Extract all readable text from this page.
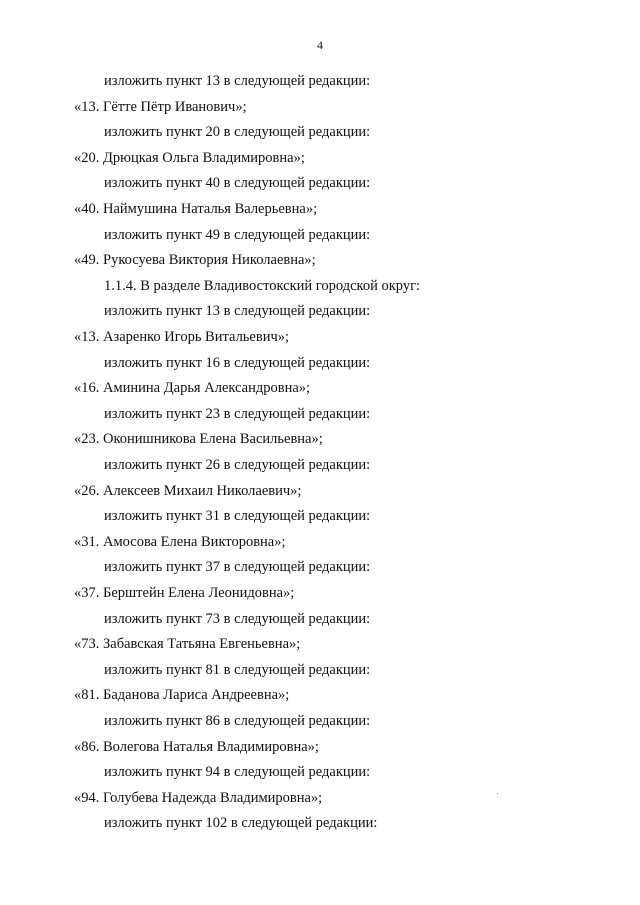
4
изложить пункт 13 в следующей редакции:
«13. Гётте Пётр Иванович»;
изложить пункт 20 в следующей редакции:
«20. Дрюцкая Ольга Владимировна»;
изложить пункт 40 в следующей редакции:
«40. Наймушина Наталья Валерьевна»;
изложить пункт 49 в следующей редакции:
«49. Рукосуева Виктория Николаевна»;
1.1.4. В разделе Владивостокский городской округ:
изложить пункт 13 в следующей редакции:
«13. Азаренко Игорь Витальевич»;
изложить пункт 16 в следующей редакции:
«16. Аминина Дарья Александровна»;
изложить пункт 23 в следующей редакции:
«23. Оконишникова Елена Васильевна»;
изложить пункт 26 в следующей редакции:
«26. Алексеев Михаил Николаевич»;
изложить пункт 31 в следующей редакции:
«31. Амосова Елена Викторовна»;
изложить пункт 37 в следующей редакции:
«37. Берштейн Елена Леонидовна»;
изложить пункт 73 в следующей редакции:
«73. Забавская Татьяна Евгеньевна»;
изложить пункт 81 в следующей редакции:
«81. Баданова Лариса Андреевна»;
изложить пункт 86 в следующей редакции:
«86. Волегова Наталья Владимировна»;
изложить пункт 94 в следующей редакции:
«94. Голубева Надежда Владимировна»;
изложить пункт 102 в следующей редакции:
